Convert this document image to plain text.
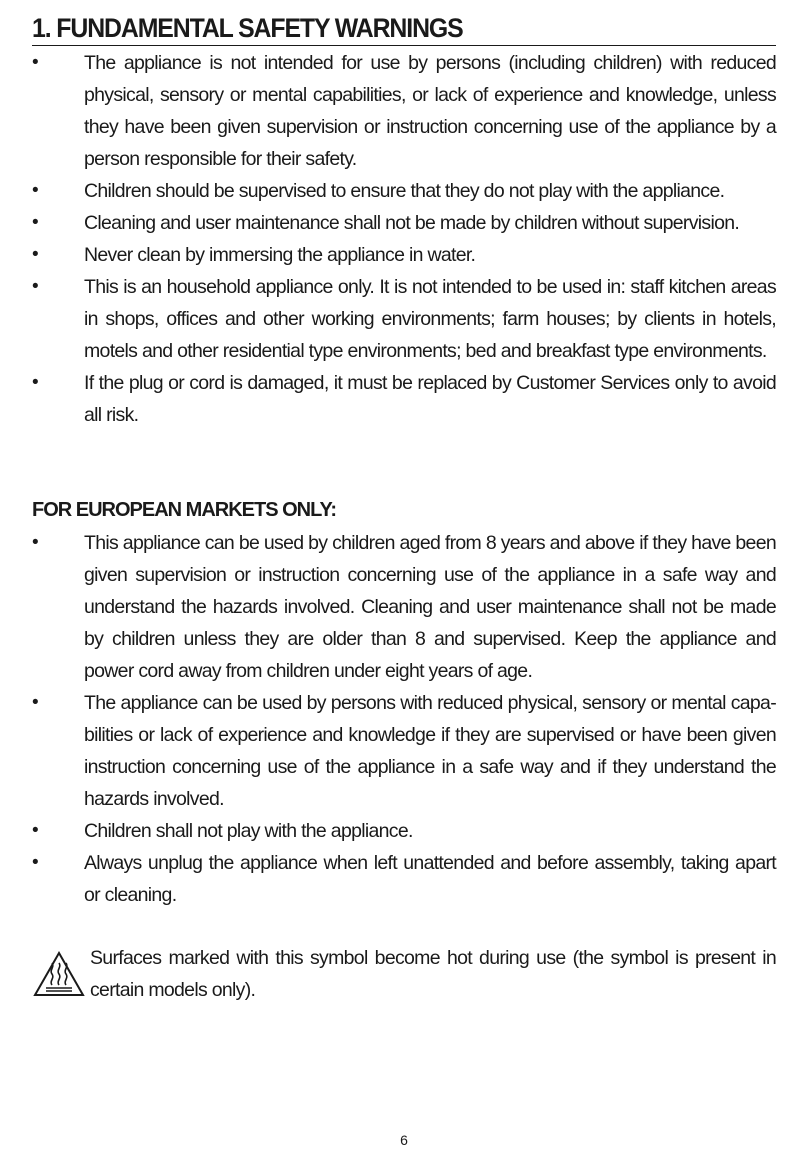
1. FUNDAMENTAL SAFETY WARNINGS
• The appliance is not intended for use by persons (including children) with reduced physical, sensory or mental capabilities, or lack of experience and knowledge, unless they have been given supervision or instruction concerning use of the appliance by a person responsible for their safety.
• Children should be supervised to ensure that they do not play with the appliance.
• Cleaning and user maintenance shall not be made by children without supervision.
• Never clean by immersing the appliance in water.
• This is an household appliance only. It is not intended to be used in: staff kitchen areas in shops, offices and other working environments; farm houses; by clients in hotels, motels and other residential type environments; bed and breakfast type environments.
• If the plug or cord is damaged, it must be replaced by Customer Services only to avoid all risk.
FOR EUROPEAN MARKETS ONLY:
• This appliance can be used by children aged from 8 years and above if they have been given supervision or instruction concerning use of the appliance in a safe way and understand the hazards involved. Cleaning and user maintenance shall not be made by children unless they are older than 8 and supervised. Keep the appliance and power cord away from children under eight years of age.
• The appliance can be used by persons with reduced physical, sensory or mental capa-bilities or lack of experience and knowledge if they are supervised or have been given instruction concerning use of the appliance in a safe way and if they understand the hazards involved.
• Children shall not play with the appliance.
• Always unplug the appliance when left unattended and before assembly, taking apart or cleaning.

Surfaces marked with this symbol become hot during use (the symbol is present in certain models only).

6
